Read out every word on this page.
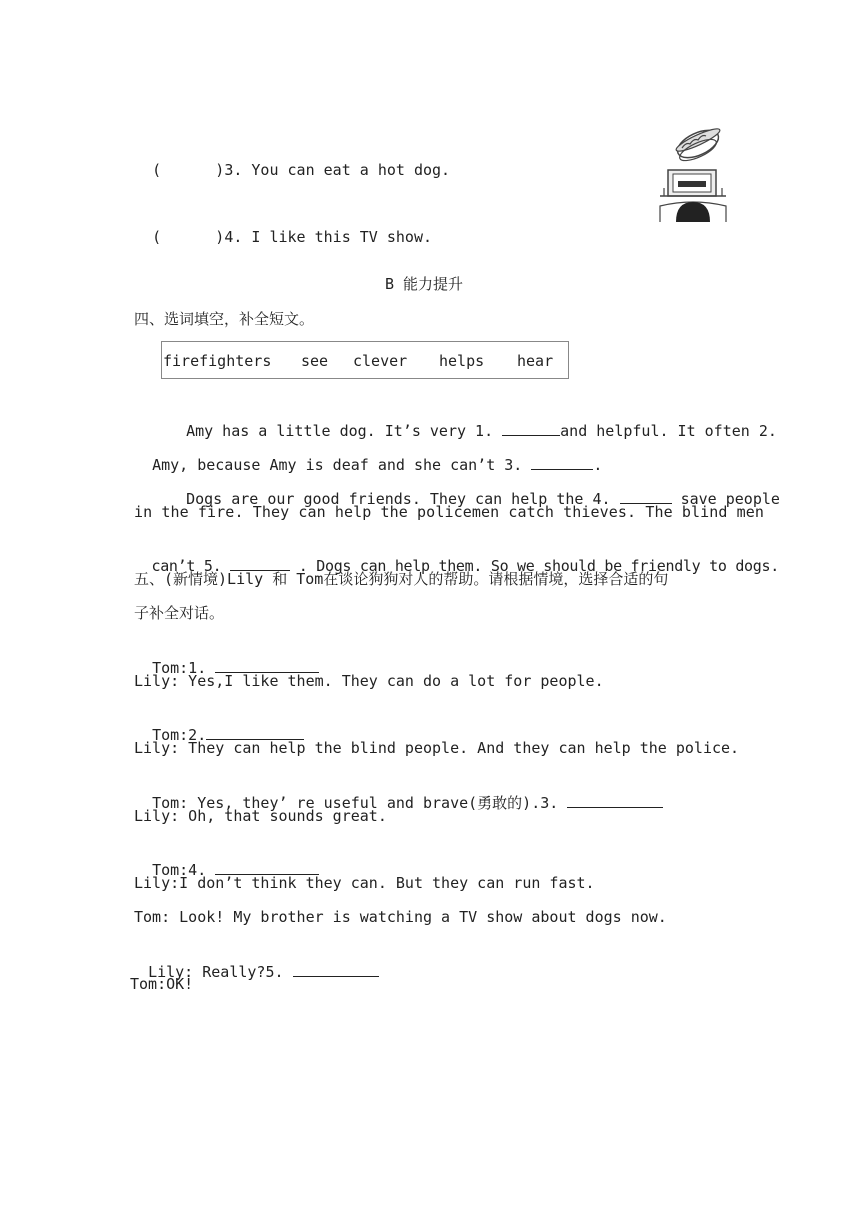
(      )3. You can eat a hot dog.

(      )4. I like this TV show.

B 能力提升
四、选词填空，补全短文。
firefighters see clever helps hear

Amy has a little dog. It’s very 1.	and helpful. It often 2.

Amy, because Amy is deaf and she can’t 3.	.

Dogs are our good friends. They can help the 4.	save people

in the fire. They can help the policemen catch thieves. The blind men

can’t 5.	. Dogs can help them. So we should be friendly to dogs.

五、(新情境)Lily 和 Tom在谈论狗狗对人的帮助。请根据情境，选择合适的句
子补全对话。

Tom:1.

Lily: Yes,I like them. They can do a lot for people.

Tom:2.

Lily: They can help the blind people. And they can help the police.

Tom: Yes, they’ re useful and brave(勇敢的).3.

Lily: Oh, that sounds great.

Tom:4.

Lily:I don’t think they can. But they can run fast.
Tom: Look! My brother is watching a TV show about dogs now.

Lily: Really?5.

Tom:OK!
